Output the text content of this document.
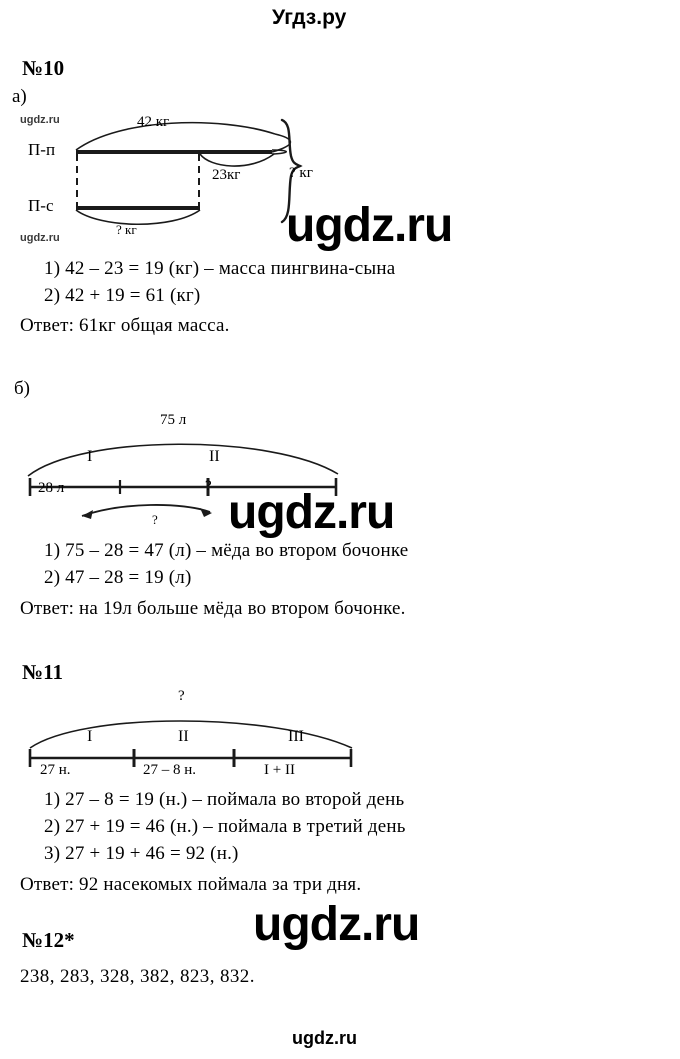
Угдз.ру
ugdz.ru
ugdz.ru	ugdz.ru
ugdz.ru
ugdz.ru
ugdz.ru
№10
а)
42 кг
П-п
П-с
23кг
? кг
? кг
1) 42 – 23 = 19 (кг) – масса пингвина-сына
2) 42 + 19 = 61 (кг)
Ответ: 61кг общая масса.
б)
75 л
I	II
28 л	?
?
1) 75 – 28 = 47 (л) – мёда во втором бочонке
2) 47 – 28 = 19 (л)
Ответ: на 19л больше мёда во втором бочонке.
№11
?
I	II	III
27 н.	27 – 8 н.	I + II
1) 27 – 8 = 19 (н.) – поймала во второй день
2) 27 + 19 = 46 (н.) – поймала в третий день
3) 27 + 19 + 46 = 92 (н.)
Ответ: 92 насекомых поймала за три дня.
№12*
238, 283, 328, 382, 823, 832.
